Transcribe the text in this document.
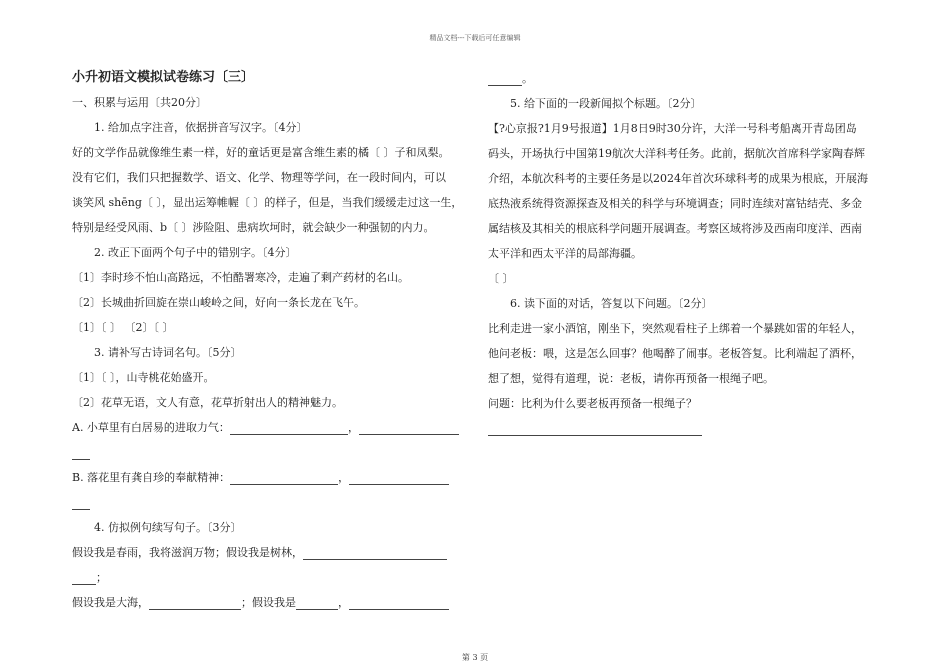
精品文档---下载后可任意编辑
小升初语文模拟试卷练习〔三〕
一、积累与运用〔共20分〕
1. 给加点字注音，依据拼音写汉字。〔4分〕
好的文学作品就像维生素一样，好的童话更是富含维生素的橘〔 〕子和凤梨。
没有它们，我们只把握数学、语文、化学、物理等学问，在一段时间内，可以
谈笑风 shēng〔 〕，显出运筹帷幄〔 〕的样子，但是，当我们缓缓走过这一生，
特别是经受风雨、b〔 〕涉险阻、患病坎坷时，就会缺少一种强韧的内力。
2. 改正下面两个句子中的错别字。〔4分〕
〔1〕李时珍不怕山高路远，不怕酷署寒冷，走遍了剩产药材的名山。
〔2〕长城曲折回旋在崇山峻岭之间，好向一条长龙在飞午。
〔1〕〔 〕 〔2〕〔 〕
3. 请补写古诗词名句。〔5分〕
〔1〕〔 〕，山寺桃花始盛开。
〔2〕花草无语，文人有意，花草折射出人的精神魅力。
A. 小草里有白居易的进取力气：	，
B. 落花里有龚自珍的奉献精神：	，
4. 仿拟例句续写句子。〔3分〕
假设我是春雨，我将滋润万物；假设我是树林，
；
假设我是大海，	；假设我是	，
。
5. 给下面的一段新闻拟个标题。〔2分〕
【?心京报?1月9号报道】1月8日9时30分许，大洋一号科考船离开青岛团岛
码头，开场执行中国第19航次大洋科考任务。此前，据航次首席科学家陶春辉
介绍，本航次科考的主要任务是以2024年首次环球科考的成果为根底，开展海
底热液系统得资源探查及相关的科学与环境调查；同时连续对富钴结壳、多金
属结核及其相关的根底科学问题开展调查。考察区域将涉及西南印度洋、西南
太平洋和西太平洋的局部海疆。
〔 〕
6. 读下面的对话，答复以下问题。〔2分〕
比利走进一家小酒馆，刚坐下，突然观看柱子上绑着一个暴跳如雷的年轻人，
他问老板：喂，这是怎么回事？他喝醉了闹事。老板答复。比利端起了酒杯，
想了想，觉得有道理，说：老板，请你再预备一根绳子吧。
问题：比利为什么要老板再预备一根绳子？
第 3 页
